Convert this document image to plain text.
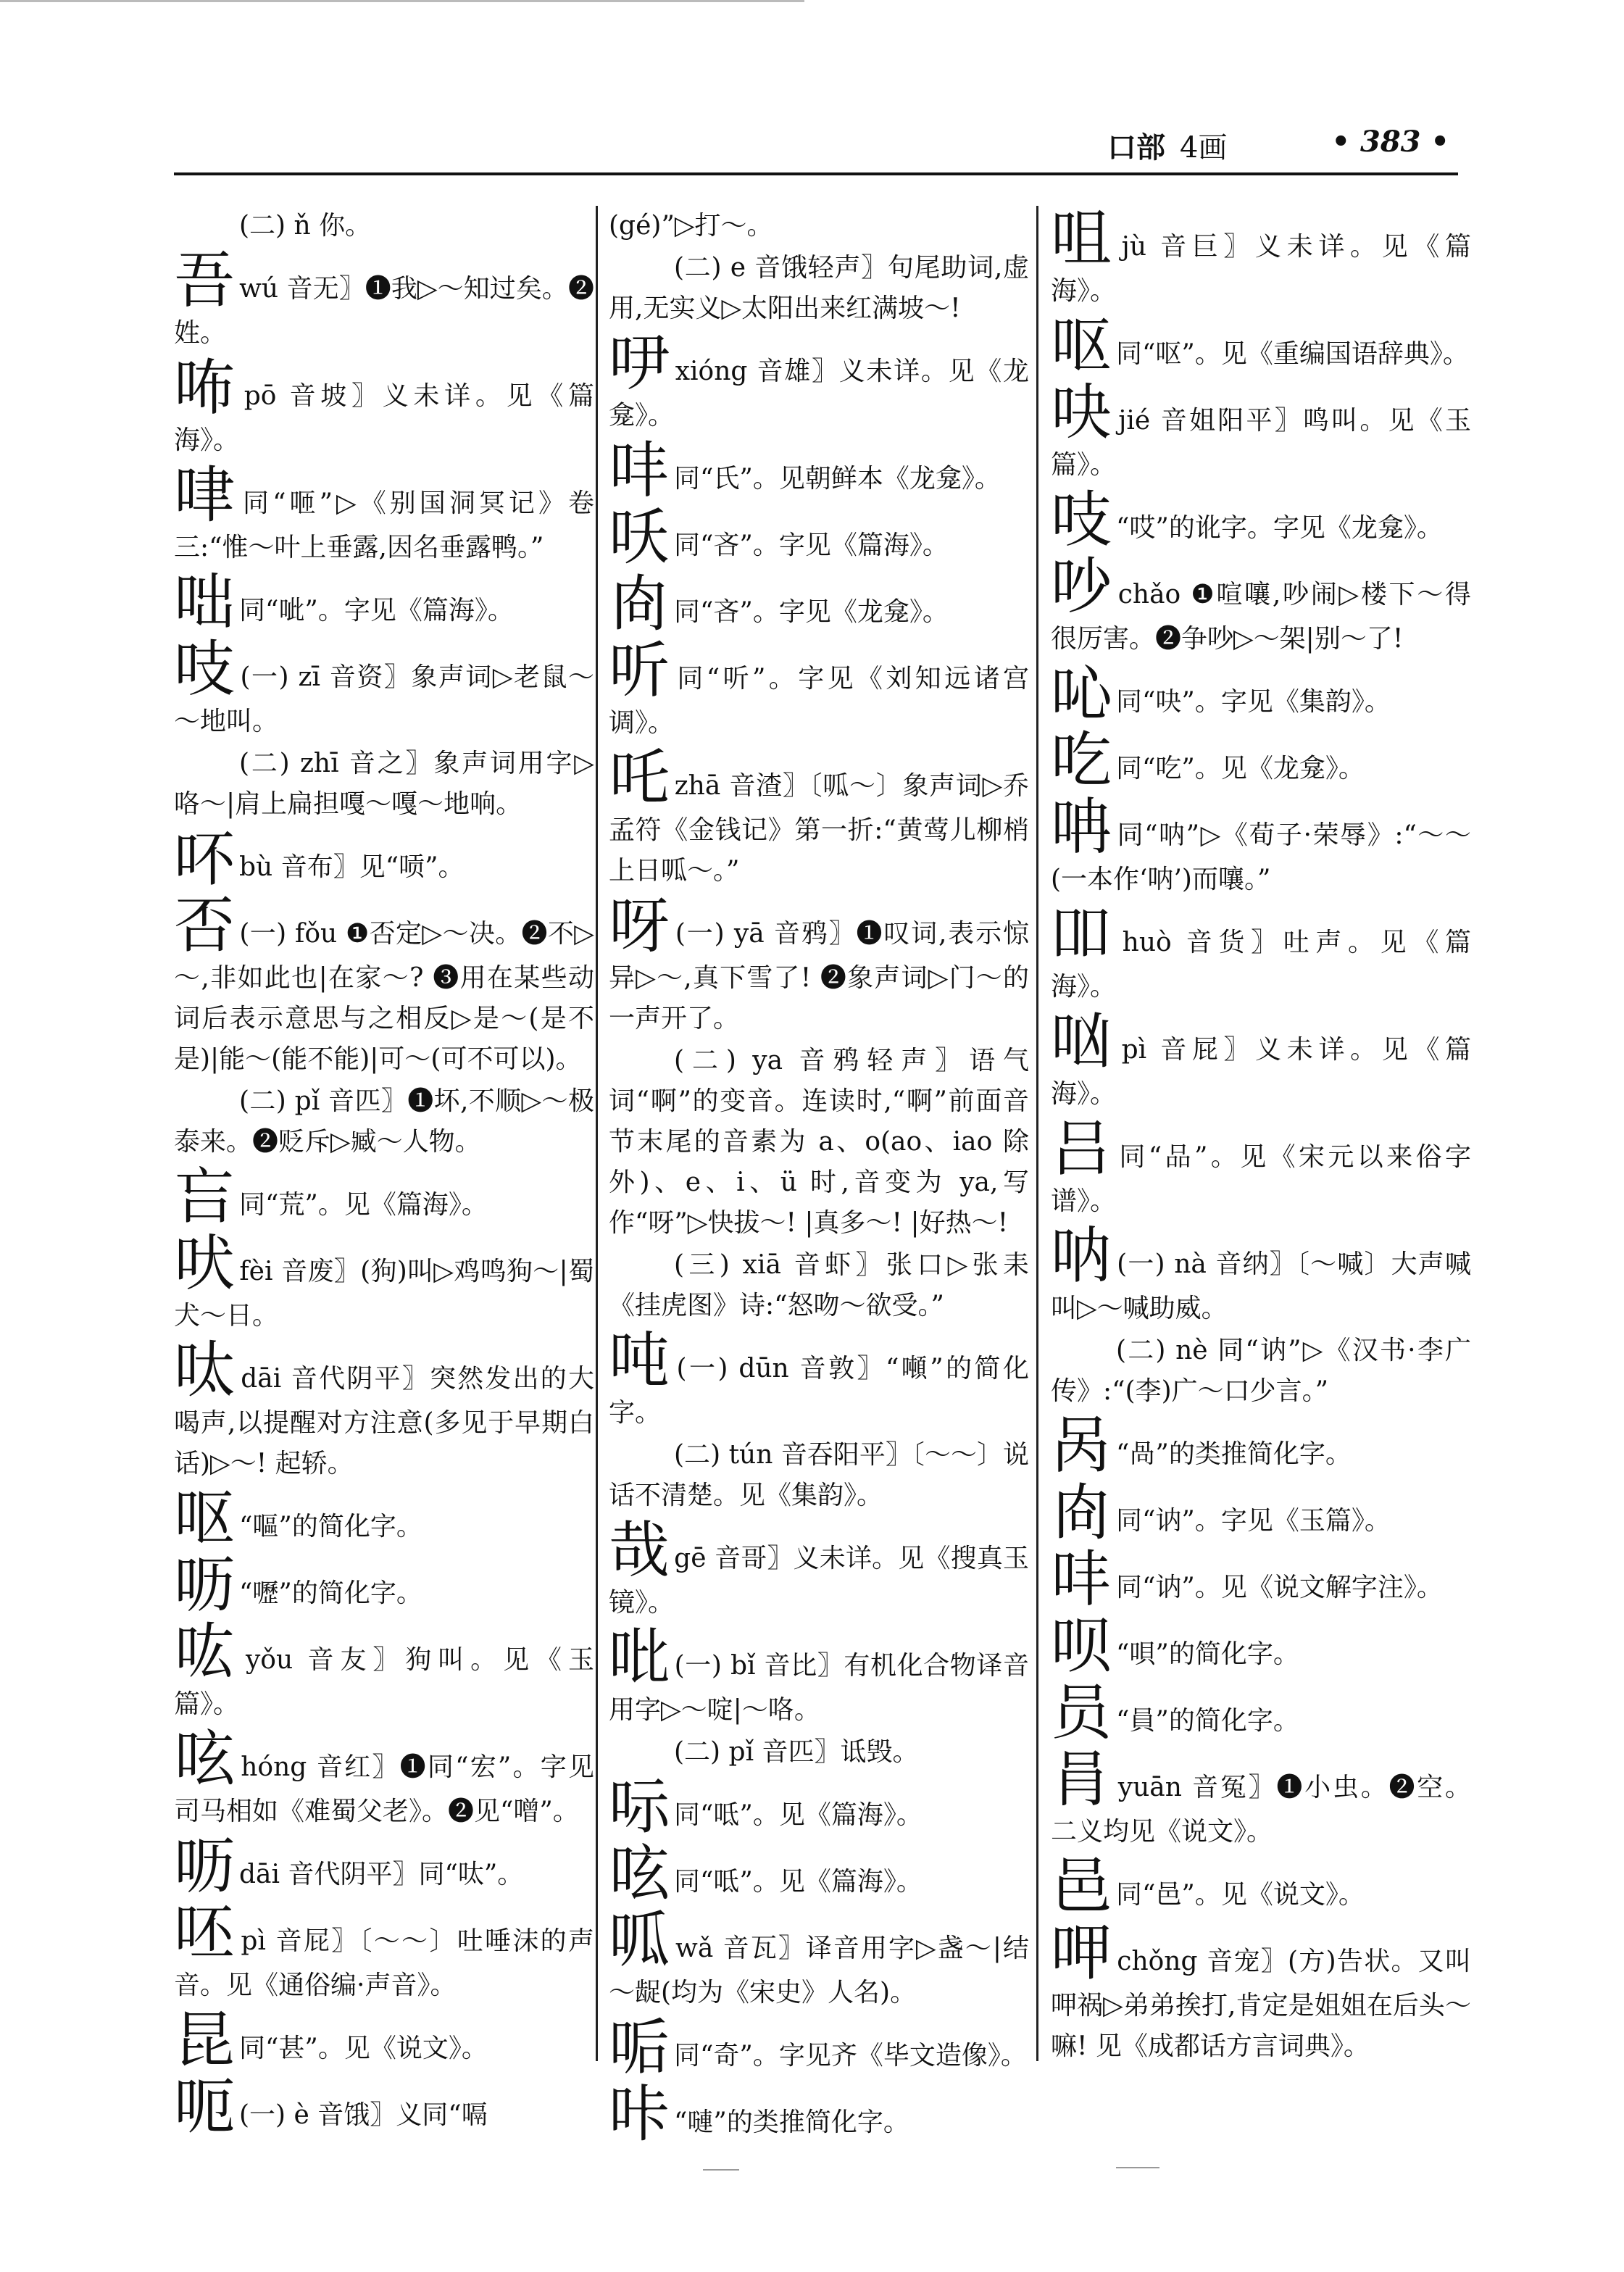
口部 4画	• 383 •
(二) ň 你。
吾wú 音无〗❶我▷～知过矣。❷姓。
咘pō 音坡〗义未详。见《篇海》。
㖀同“咂”▷《别国洞冥记》卷三:“惟～叶上垂露,因名垂露鸭。”
咄同“呲”。字见《篇海》。
吱 (一) zī 音资〗象声词▷老鼠～～地叫。
(二) zhī 音之〗象声词用字▷咯～|肩上扁担嘎～嘎～地响。
吥bù 音布〗见“唝”。
否 (一) fǒu ❶否定▷～决。❷不▷～,非如此也|在家～? ❸用在某些动词后表示意思与之相反▷是～(是不是)|能～(能不能)|可～(可不可以)。
(二) pǐ 音匹〗❶坏,不顺▷～极泰来。❷贬斥▷臧～人物。
吂同“荒”。见《篇海》。
吠fèi 音废〗(狗)叫▷鸡鸣狗～|蜀犬～日。
呔dāi 音代阴平〗突然发出的大喝声,以提醒对方注意(多见于早期白话)▷～! 起轿。
呕 “嘔”的简化字。
呖 “嚦”的简化字。
吰yǒu 音友〗狗叫。见《玉篇》。
呟hóng 音红〗❶同“宏”。字见司马相如《难蜀父老》。❷见“噌”。
呖dāi 音代阴平〗同“呔”。
呸pì 音屁〗〔～～〕吐唾沫的声音。见《通俗编·声音》。
昆同“甚”。见《说文》。
呃 (一) è 音饿〗义同“嗝
(gé)”▷打～。
(二) e 音饿轻声〗句尾助词,虚用,无实义▷太阳出来红满坡～!
吚xióng 音雄〗义未详。见《龙龛》。
㕩同“氏”。见朝鲜本《龙龛》。
㕭同“吝”。字见《篇海》。
㕯同“吝”。字见《龙龛》。
听同“听”。字见《刘知远诸宫调》。
吒zhā 音渣〗〔呱～〕象声词▷乔孟符《金钱记》第一折:“黄莺儿柳梢上日呱～。”
呀 (一) yā 音鸦〗❶叹词,表示惊异▷～,真下雪了! ❷象声词▷门～的一声开了。
(二) ya 音鸦轻声〗语气词“啊”的变音。连读时,“啊”前面音节末尾的音素为 a、o(ao、iao 除外)、e、i、ü 时,音变为 ya,写作“呀”▷快拔～! |真多～! |好热～!
(三) xiā 音虾〗张口▷张耒《挂虎图》诗:“怒吻～欲受。”
吨 (一) dūn 音敦〗“噸”的简化字。
(二) tún 音吞阳平〗〔～～〕说话不清楚。见《集韵》。
哉gē 音哥〗义未详。见《搜真玉镜》。
吡 (一) bǐ 音比〗有机化合物译音用字▷～啶|～咯。
(二) pǐ 音匹〗诋毁。
呩同“呧”。见《篇海》。
呟同“呧”。见《篇海》。
呱wǎ 音瓦〗译音用字▷盏～|结～龊(均为《宋史》人名)。
㖃同“奇”。字见齐《毕文造像》。
咔 “嗹”的类推简化字。
咀jù 音巨〗义未详。见《篇海》。
呕同“呕”。见《重编国语辞典》。
吷jié 音姐阳平〗鸣叫。见《玉篇》。
吱 “哎”的讹字。字见《龙龛》。
吵chǎo ❶喧嚷,吵闹▷楼下～得很厉害。❷争吵▷～架|别～了!
吣同“吷”。字见《集韵》。
吃同“吃”。见《龙龛》。
呥同“呐”▷《荀子·荣辱》:“～～(一本作‘呐’)而嚷。”
吅huò 音货〗吐声。见《篇海》。
㕳pì 音屁〗义未详。见《篇海》。
吕同“品”。见《宋元以来俗字谱》。
呐 (一) nà 音纳〗〔～喊〕大声喊叫▷～喊助威。
(二) nè 同“讷”▷《汉书·李广传》:“(李)广～口少言。”
呙 “咼”的类推简化字。
㕯同“讷”。字见《玉篇》。
㕩同“讷”。见《说文解字注》。
呗 “唄”的简化字。
员 “員”的简化字。
肙yuān 音冤〗❶小虫。❷空。二义均见《说文》。
邑同“邑”。见《说文》。
呷chǒng 音宠〗(方)告状。又叫呷祸▷弟弟挨打,肯定是姐姐在后头～嘛! 见《成都话方言词典》。
